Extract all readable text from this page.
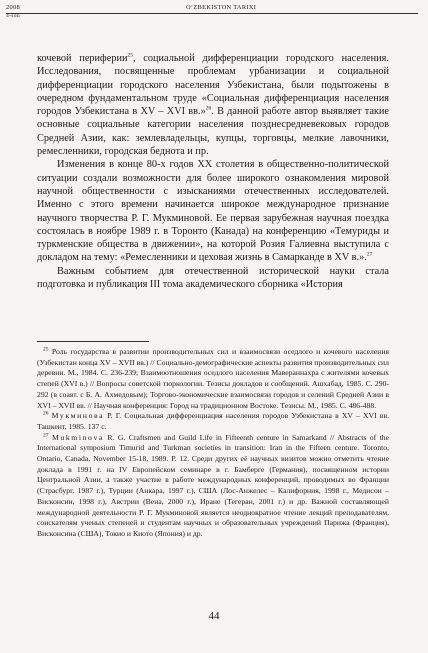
2008	O‘ZBEKISTON TARIXI
4-son

кочевой периферии$^{25}$, социальной дифференциации городского населения. Исследования, посвященные проблемам урбанизации и социальной дифференциации городского населения Узбекистана, были подытожены в очередном фундаментальном труде «Социальная дифференциация населения городов Узбекистана в XV – XVI вв.»$^{26}$. В данной работе автор выявляет такие основные социальные категории населения позднесредневековых городов Средней Азии, как: землевладельцы, купцы, торговцы, мелкие лавочники, ремесленники, городская беднота и пр.

Изменения в конце 80-х годов XX столетия в общественно-политической ситуации создали возможности для более широкого ознакомления мировой научной общественности с изысканиями отечественных исследователей. Именно с этого времени начинается широкое международное признание научного творчества Р. Г. Мукминовой. Ее первая зарубежная научная поездка состоялась в ноябре 1989 г. в Торонто (Канада) на конференцию «Темуриды и туркменские общества в движении», на которой Розия Галиевна выступила с докладом на тему: «Ремесленники и цеховая жизнь в Самарканде в XV в.».$^{27}$

Важным событием для отечественной исторической науки стала подготовка и публикация III тома академического сборника «История

$^{25}$ Роль государства в развитии производительных сил и взаимосвязи оседлого и кочевого населения (Узбекистан конца XV – XVII вв.) // Социально-демографические аспекты развития производительных сил деревни. М., 1984. С. 236-239; Взаимоотношения оседлого населения Мавераннахра с жителями кочевых степей (XVI в.) // Вопросы советской тюркологии. Тезисы докладов и сообщений. Ашхабад, 1985. С. 290-292 (в соавт. с Б. А. Ахмедовым); Торгово-экономические взаимосвязи городов и селений Средней Азии в XVI – XVII вв. // Научная конференция: Город на традиционном Востоке. Тезисы. М., 1985. С. 486-488.

$^{26}$ Мукминова Р. Г. Социальная дифференциация населения городов Узбекистана в XV – XVI вв. Ташкент, 1985. 137 с.

$^{27}$ Mukminova R. G. Craftsmen and Guild Life in Fifteenth centure in Samarkand // Abstracts of the International symposium Timurid and Turkman societies in transition: Iran in the Fifteen centure. Toronto, Ontario, Canada, November 15-18, 1989. P. 12. Среди других её научных визитов можно отметить чтение доклада в 1991 г. на IV Европейском семинаре в г. Бамберге (Германия), посвященном истории Центральной Азии, а также участие в работе международных конференций, проводимых во Франции (Страсбург, 1987 г.), Турции (Анкара, 1997 г.), США (Лос-Анжелес – Калифорния, 1998 г., Медисон – Висконсин, 1998 г.), Австрии (Вена, 2000 г.), Иране (Тегеран, 2001 г.) и др. Важной составляющей международной деятельности Р. Г. Мукминовой является неоднократное чтение лекций преподавателям, соискателям ученых степеней и студентам научных и образовательных учреждений Парижа (Франция), Висконсина (США), Токио и Киото (Япония) и др.

44
